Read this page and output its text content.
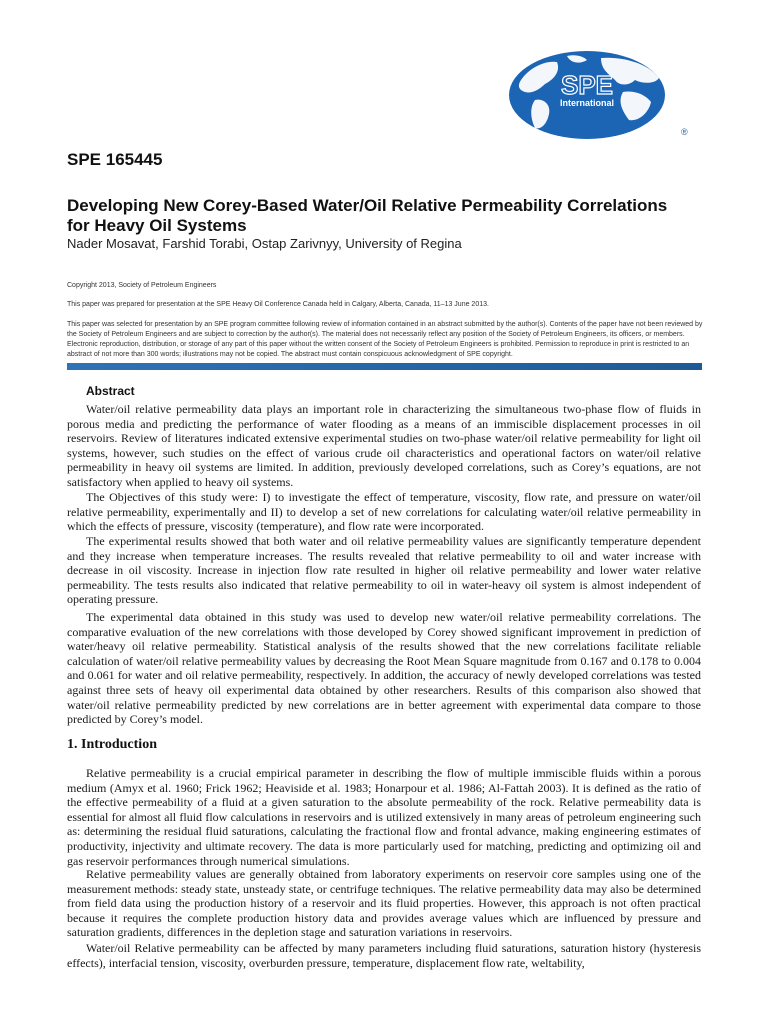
SPE
International
®
SPE 165445
Developing New Corey-Based Water/Oil Relative Permeability Correlations for Heavy Oil Systems
Nader Mosavat, Farshid Torabi, Ostap Zarivnyy, University of Regina
Copyright 2013, Society of Petroleum Engineers
This paper was prepared for presentation at the SPE Heavy Oil Conference Canada held in Calgary, Alberta, Canada, 11–13 June 2013.
This paper was selected for presentation by an SPE program committee following review of information contained in an abstract submitted by the author(s). Contents of the paper have not been reviewed by the Society of Petroleum Engineers and are subject to correction by the author(s). The material does not necessarily reflect any position of the Society of Petroleum Engineers, its officers, or members. Electronic reproduction, distribution, or storage of any part of this paper without the written consent of the Society of Petroleum Engineers is prohibited. Permission to reproduce in print is restricted to an abstract of not more than 300 words; illustrations may not be copied. The abstract must contain conspicuous acknowledgment of SPE copyright.
Abstract
Water/oil relative permeability data plays an important role in characterizing the simultaneous two-phase flow of fluids in porous media and predicting the performance of water flooding as a means of an immiscible displacement processes in oil reservoirs. Review of literatures indicated extensive experimental studies on two-phase water/oil relative permeability for light oil systems, however, such studies on the effect of various crude oil characteristics and operational factors on water/oil relative permeability in heavy oil systems are limited. In addition, previously developed correlations, such as Corey’s equations, are not satisfactory when applied to heavy oil systems.
The Objectives of this study were: I) to investigate the effect of temperature, viscosity, flow rate, and pressure on water/oil relative permeability, experimentally and II) to develop a set of new correlations for calculating water/oil relative permeability in which the effects of pressure, viscosity (temperature), and flow rate were incorporated.
The experimental results showed that both water and oil relative permeability values are significantly temperature dependent and they increase when temperature increases. The results revealed that relative permeability to oil and water increase with decrease in oil viscosity. Increase in injection flow rate resulted in higher oil relative permeability and lower water relative permeability. The tests results also indicated that relative permeability to oil in water-heavy oil system is almost independent of operating pressure.
The experimental data obtained in this study was used to develop new water/oil relative permeability correlations. The comparative evaluation of the new correlations with those developed by Corey showed significant improvement in prediction of water/heavy oil relative permeability. Statistical analysis of the results showed that the new correlations facilitate reliable calculation of water/oil relative permeability values by decreasing the Root Mean Square magnitude from 0.167 and 0.178 to 0.004 and 0.061 for water and oil relative permeability, respectively. In addition, the accuracy of newly developed correlations was tested against three sets of heavy oil experimental data obtained by other researchers. Results of this comparison also showed that water/oil relative permeability predicted by new correlations are in better agreement with experimental data compare to those predicted by Corey’s model.
1. Introduction
Relative permeability is a crucial empirical parameter in describing the flow of multiple immiscible fluids within a porous medium (Amyx et al. 1960; Frick 1962; Heaviside et al. 1983; Honarpour et al. 1986; Al-Fattah 2003). It is defined as the ratio of the effective permeability of a fluid at a given saturation to the absolute permeability of the rock. Relative permeability data is essential for almost all fluid flow calculations in reservoirs and is utilized extensively in many areas of petroleum engineering such as: determining the residual fluid saturations, calculating the fractional flow and frontal advance, making engineering estimates of productivity, injectivity and ultimate recovery. The data is more particularly used for matching, predicting and optimizing oil and gas reservoir performances through numerical simulations.
Relative permeability values are generally obtained from laboratory experiments on reservoir core samples using one of the measurement methods: steady state, unsteady state, or centrifuge techniques. The relative permeability data may also be determined from field data using the production history of a reservoir and its fluid properties. However, this approach is not often practical because it requires the complete production history data and provides average values which are influenced by pressure and saturation gradients, differences in the depletion stage and saturation variations in reservoirs.
Water/oil Relative permeability can be affected by many parameters including fluid saturations, saturation history (hysteresis effects), interfacial tension, viscosity, overburden pressure, temperature, displacement flow rate, weltability,
